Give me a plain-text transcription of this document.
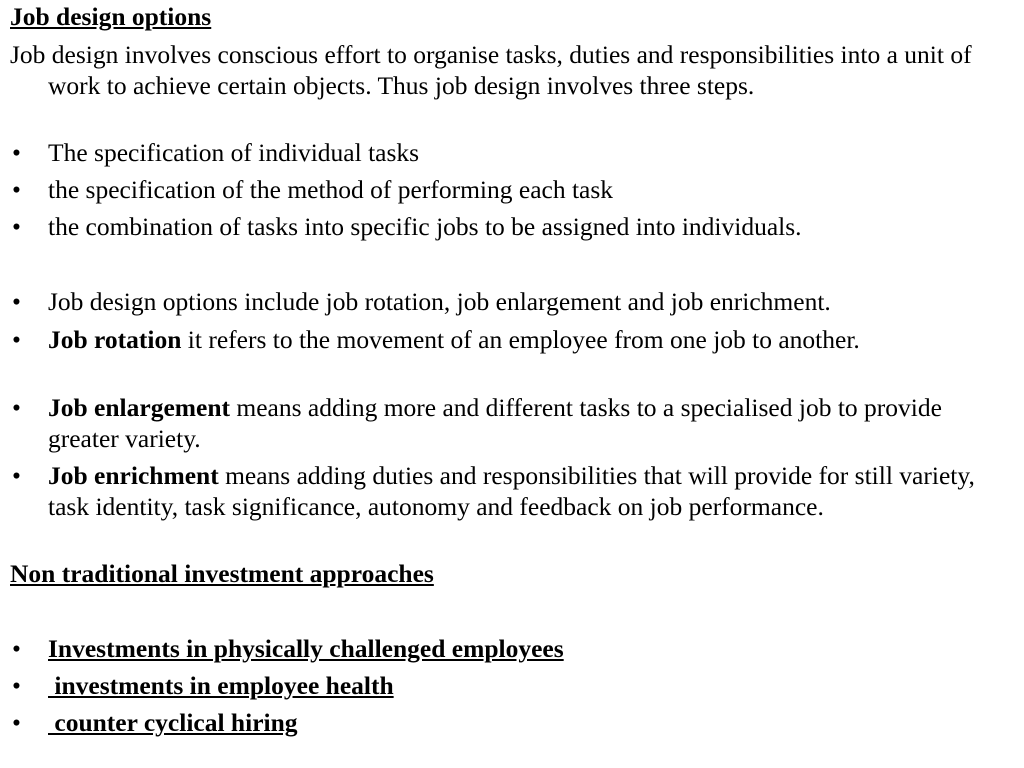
Job design options
Job design involves conscious effort to organise tasks, duties and responsibilities into a unit of work to achieve certain objects. Thus job design involves three steps.
• The specification of individual tasks
• the specification of the method of performing each task
• the combination of tasks into specific jobs to be assigned into individuals.
• Job design options include job rotation, job enlargement and job enrichment.
• Job rotation it refers to the movement of an employee from one job to another.
• Job enlargement means adding more and different tasks to a specialised job to provide greater variety.
• Job enrichment means adding duties and responsibilities that will provide for still variety, task identity, task significance, autonomy and feedback on job performance.
Non traditional investment approaches
• Investments in physically challenged employees
• investments in employee health
• counter cyclical hiring
